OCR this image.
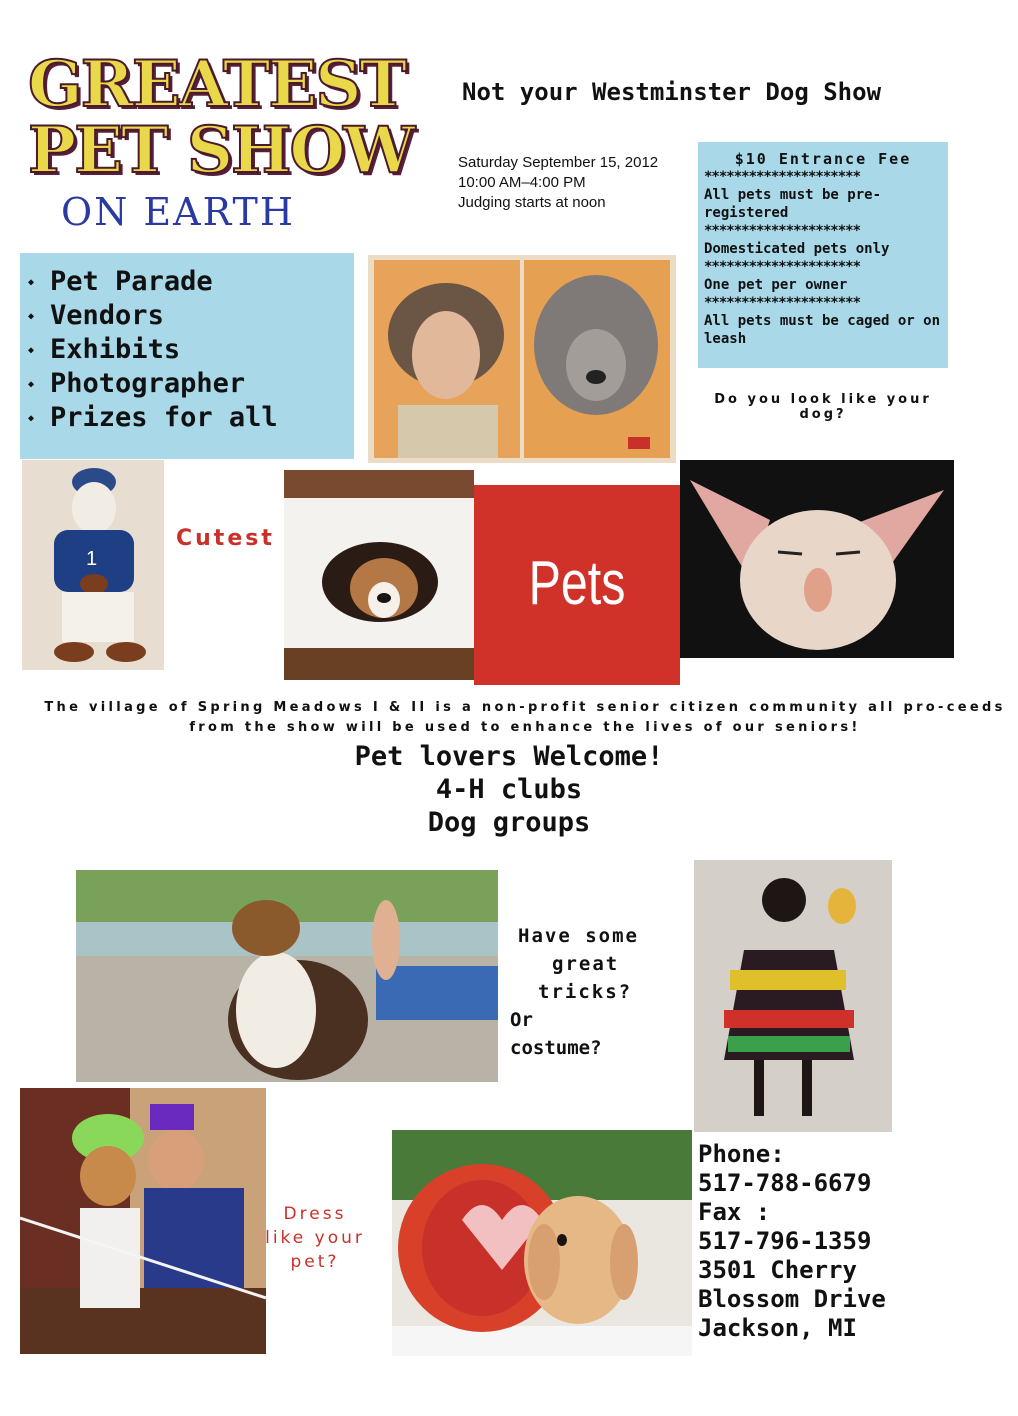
GREATEST
PET SHOW
ON EARTH
Not your Westminster Dog Show
Saturday September 15, 2012
10:00 AM–4:00 PM
Judging starts at noon
$10 Entrance Fee
*********************
All pets must be pre-registered
*********************
Domesticated pets only
*********************
One pet per owner
*********************
All pets must be caged or on leash
Do you look like your dog?
◆ Pet Parade
◆ Vendors
◆ Exhibits
◆ Photographer
◆ Prizes for all
1
Cutest
Pets
The village of Spring Meadows I & II is a non-profit senior citizen community all pro-ceeds from the show will be used to enhance the lives of our seniors!
Pet lovers Welcome!
4-H clubs
Dog groups
Have some
great
tricks?
Or
costume?
Dress
like your
pet?
Phone:
517-788-6679
Fax :
517-796-1359
3501 Cherry
Blossom Drive
Jackson, MI
